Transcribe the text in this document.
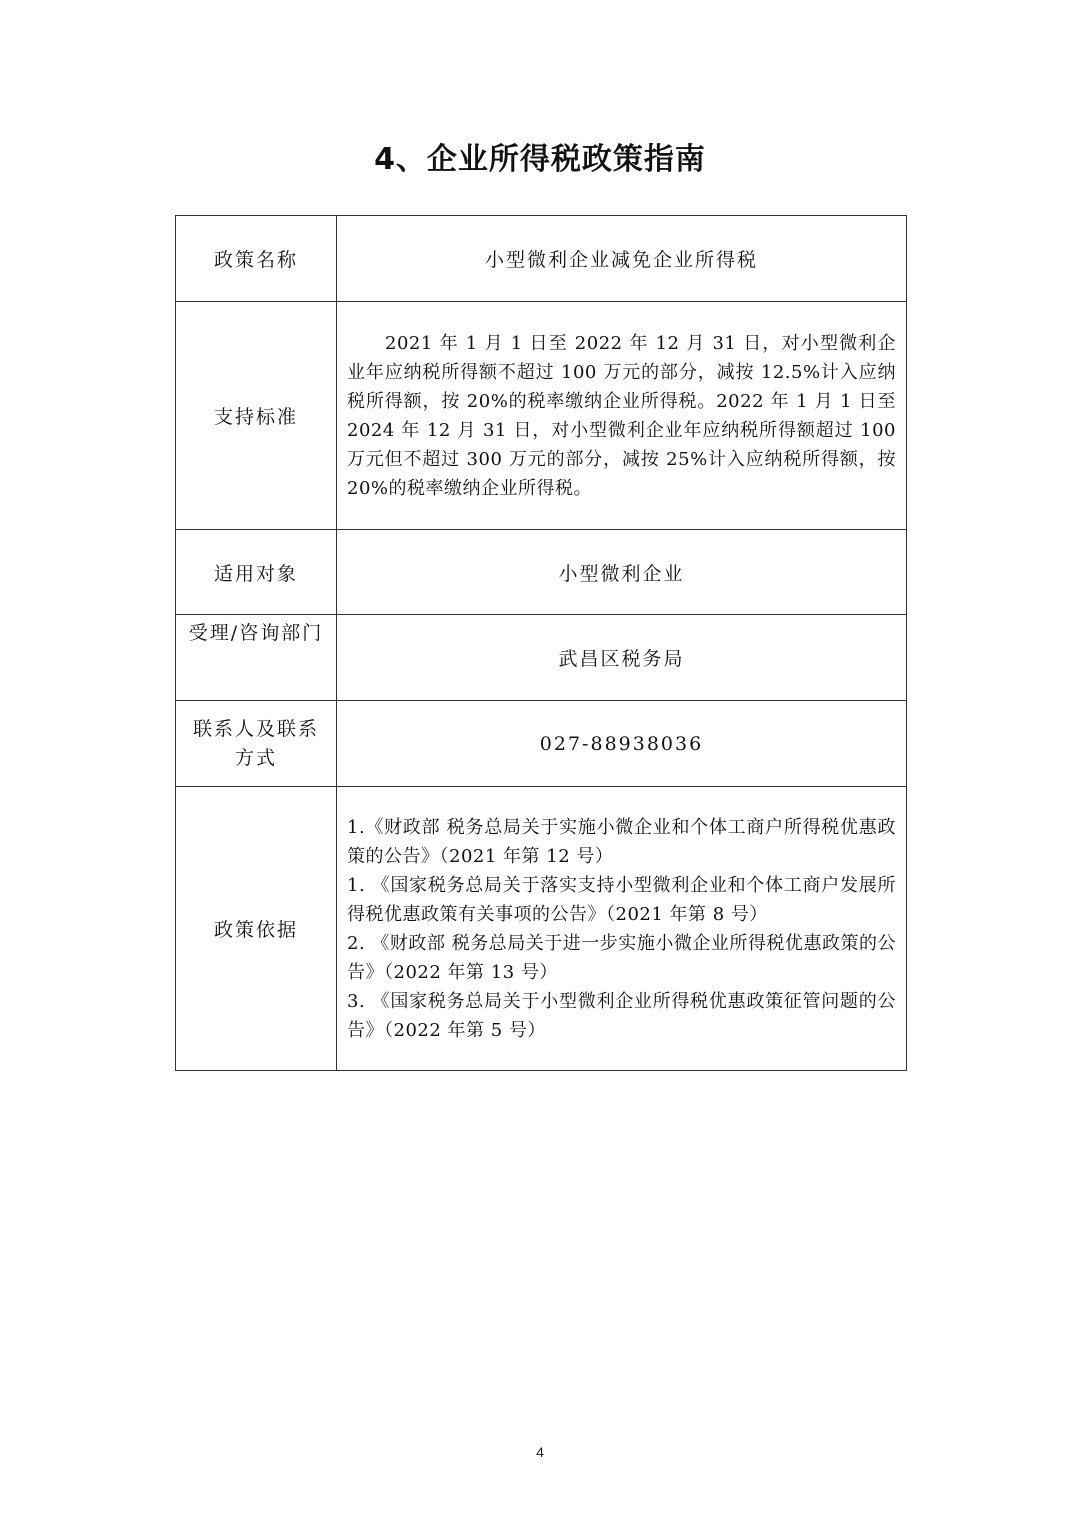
4、企业所得税政策指南
政策名称	小型微利企业减免企业所得税
支持标准	2021 年 1 月 1 日至 2022 年 12 月 31 日，对小型微利企业年应纳税所得额不超过 100 万元的部分，减按 12.5%计入应纳税所得额，按 20%的税率缴纳企业所得税。2022 年 1 月 1 日至 2024 年 12 月 31 日，对小型微利企业年应纳税所得额超过 100 万元但不超过 300 万元的部分，减按 25%计入应纳税所得额，按 20%的税率缴纳企业所得税。

适用对象	小型微利企业

受理/咨询部门	武昌区税务局

联系人及联系方式	027-88938036
政策依据	1.《财政部 税务总局关于实施小微企业和个体工商户所得税优惠政策的公告》（2021 年第 12 号）
1. 《国家税务总局关于落实支持小型微利企业和个体工商户发展所得税优惠政策有关事项的公告》（2021 年第 8 号）
2. 《财政部 税务总局关于进一步实施小微企业所得税优惠政策的公告》（2022 年第 13 号）
3. 《国家税务总局关于小型微利企业所得税优惠政策征管问题的公告》（2022 年第 5 号）
4
